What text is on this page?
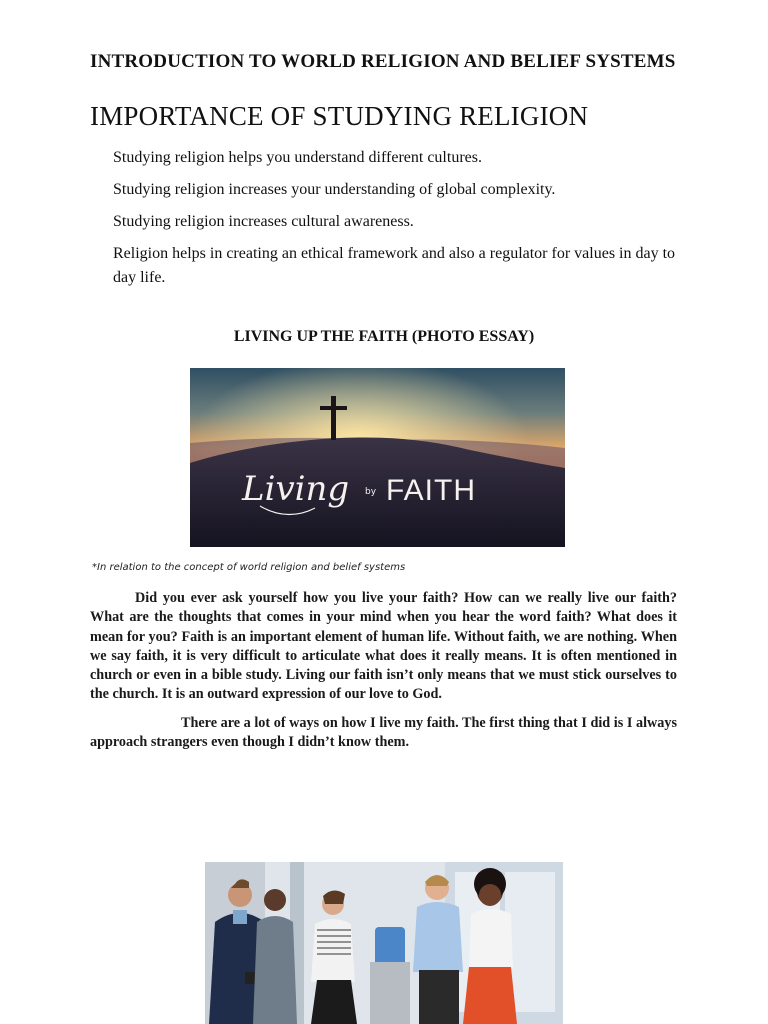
INTRODUCTION TO WORLD RELIGION AND BELIEF SYSTEMS
IMPORTANCE OF STUDYING RELIGION
Studying religion helps you understand different cultures.
Studying religion increases your understanding of global complexity.
Studying religion increases cultural awareness.
Religion helps in creating an ethical framework and also a regulator for values in day to day life.
LIVING UP THE FAITH (PHOTO ESSAY)
Living by FAITH
*In relation to the concept of world religion and belief systems

Did you ever ask yourself how you live your faith? How can we really live our faith? What are the thoughts that comes in your mind when you hear the word faith? What does it mean for you? Faith is an important element of human life. Without faith, we are nothing. When we say faith, it is very difficult to articulate what does it really means. It is often mentioned in church or even in a bible study. Living our faith isn’t only means that we must stick ourselves to the church. It is an outward expression of our love to God.

There are a lot of ways on how I live my faith. The first thing that I did is I always approach strangers even though I didn’t know them.
